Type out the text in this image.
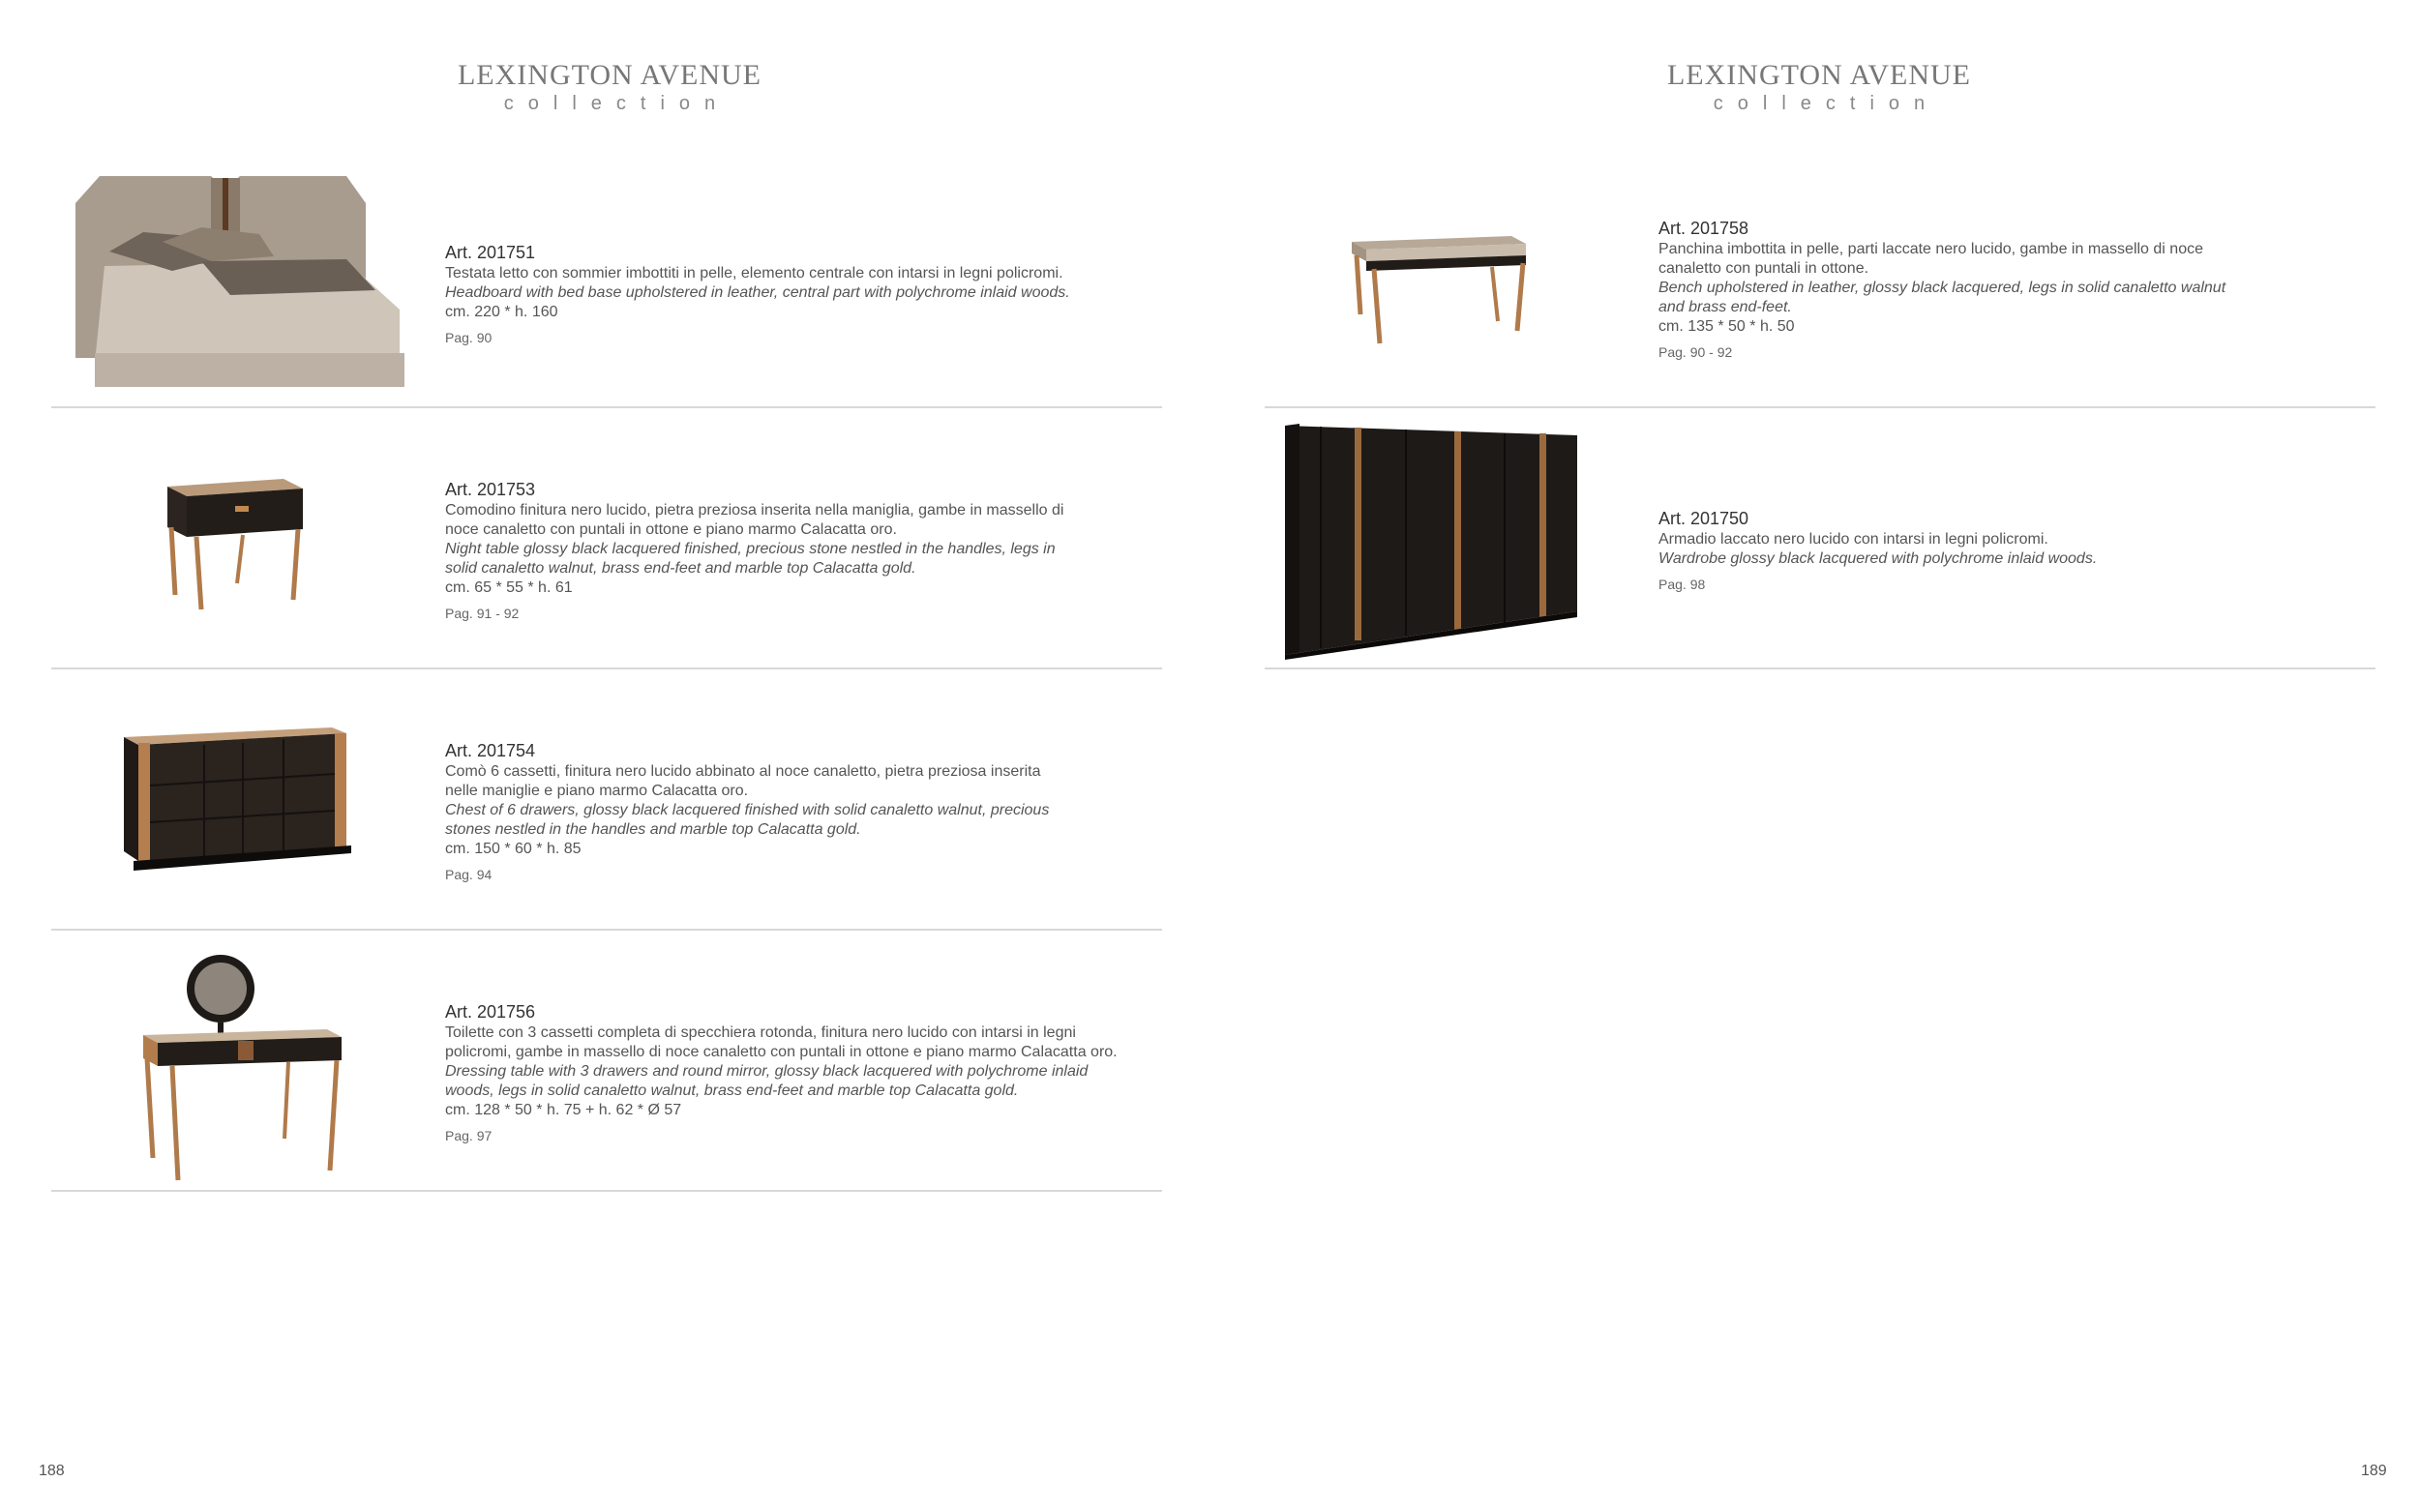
LEXINGTON AVENUE
collection
Art. 201751
Testata letto con sommier imbottiti in pelle, elemento centrale con intarsi in legni policromi.
Headboard with bed base upholstered in leather, central part with polychrome inlaid woods.
cm. 220 * h. 160
Pag. 90
Art. 201753
Comodino finitura nero lucido, pietra preziosa inserita nella maniglia, gambe in massello di
noce canaletto con puntali in ottone e piano marmo Calacatta oro.
Night table glossy black lacquered finished, precious stone nestled in the handles, legs in
solid canaletto walnut, brass end-feet and marble top Calacatta gold.
cm. 65 * 55 * h. 61
Pag. 91 - 92
Art. 201754
Comò 6 cassetti, finitura nero lucido abbinato al noce canaletto, pietra preziosa inserita
nelle maniglie e piano marmo Calacatta oro.
Chest of 6 drawers, glossy black lacquered finished with solid canaletto walnut, precious
stones nestled in the handles and marble top Calacatta gold.
cm. 150 * 60 * h. 85
Pag. 94
Art. 201756
Toilette con 3 cassetti completa di specchiera rotonda, finitura nero lucido con intarsi in legni
policromi, gambe in massello di noce canaletto con puntali in ottone e piano marmo Calacatta oro.
Dressing table with 3 drawers and round mirror, glossy black lacquered with polychrome inlaid
woods, legs in solid canaletto walnut, brass end-feet and marble top Calacatta gold.
cm. 128 * 50 * h. 75 + h. 62 * Ø 57
Pag. 97
188
LEXINGTON AVENUE
collection
Art. 201758
Panchina imbottita in pelle, parti laccate nero lucido, gambe in massello di noce
canaletto con puntali in ottone.
Bench upholstered in leather, glossy black lacquered, legs in solid canaletto walnut
and brass end-feet.
cm. 135 * 50 * h. 50
Pag. 90 - 92
Art. 201750
Armadio laccato nero lucido con intarsi in legni policromi.
Wardrobe glossy black lacquered with polychrome inlaid woods.
Pag. 98
189
